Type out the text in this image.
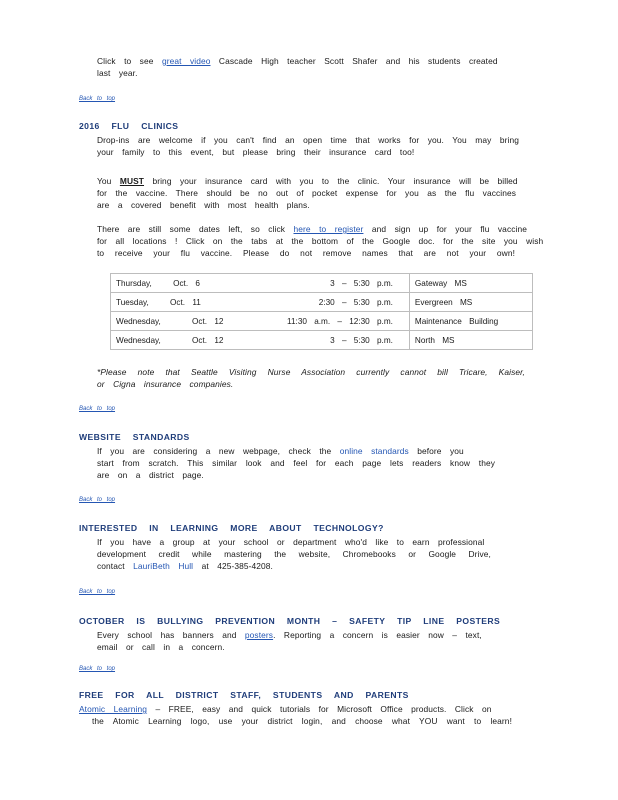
Click to see great video Cascade High teacher Scott Shafer and his students created
last year.
Back to top
2016 FLU CLINICS
Drop-ins are welcome if you can't find an open time that works for you. You may bring
your family to this event, but please bring their insurance card too!
You MUST bring your insurance card with you to the clinic. Your insurance will be billed
for the vaccine. There should be no out of pocket expense for you as the flu vaccines
are a covered benefit with most health plans.
There are still some dates left, so click here to register and sign up for your flu vaccine
for all locations ! Click on the tabs at the bottom of the Google doc. for the site you wish
to receive your flu vaccine. Please do not remove names that are not your own!
Thursday, Oct. 6	3 – 5:30 p.m.	Gateway MS
Tuesday, Oct. 11	2:30 – 5:30 p.m.	Evergreen MS
Wednesday, Oct. 12	11:30 a.m. – 12:30 p.m.	Maintenance Building
Wednesday, Oct. 12	3 – 5:30 p.m.	North MS
*Please note that Seattle Visiting Nurse Association currently cannot bill Tricare, Kaiser,
or Cigna insurance companies.
Back to top
WEBSITE STANDARDS
If you are considering a new webpage, check the online standards before you
start from scratch. This similar look and feel for each page lets readers know they
are on a district page.
Back to top
INTERESTED IN LEARNING MORE ABOUT TECHNOLOGY?
If you have a group at your school or department who'd like to earn professional
development credit while mastering the website, Chromebooks or Google Drive,
contact LauriBeth Hull at 425-385-4208.
Back to top
OCTOBER IS BULLYING PREVENTION MONTH – SAFETY TIP LINE POSTERS
Every school has banners and posters. Reporting a concern is easier now – text,
email or call in a concern.
Back to top
FREE FOR ALL DISTRICT STAFF, STUDENTS AND PARENTS
Atomic Learning – FREE, easy and quick tutorials for Microsoft Office products. Click on
the Atomic Learning logo, use your district login, and choose what YOU want to learn!
